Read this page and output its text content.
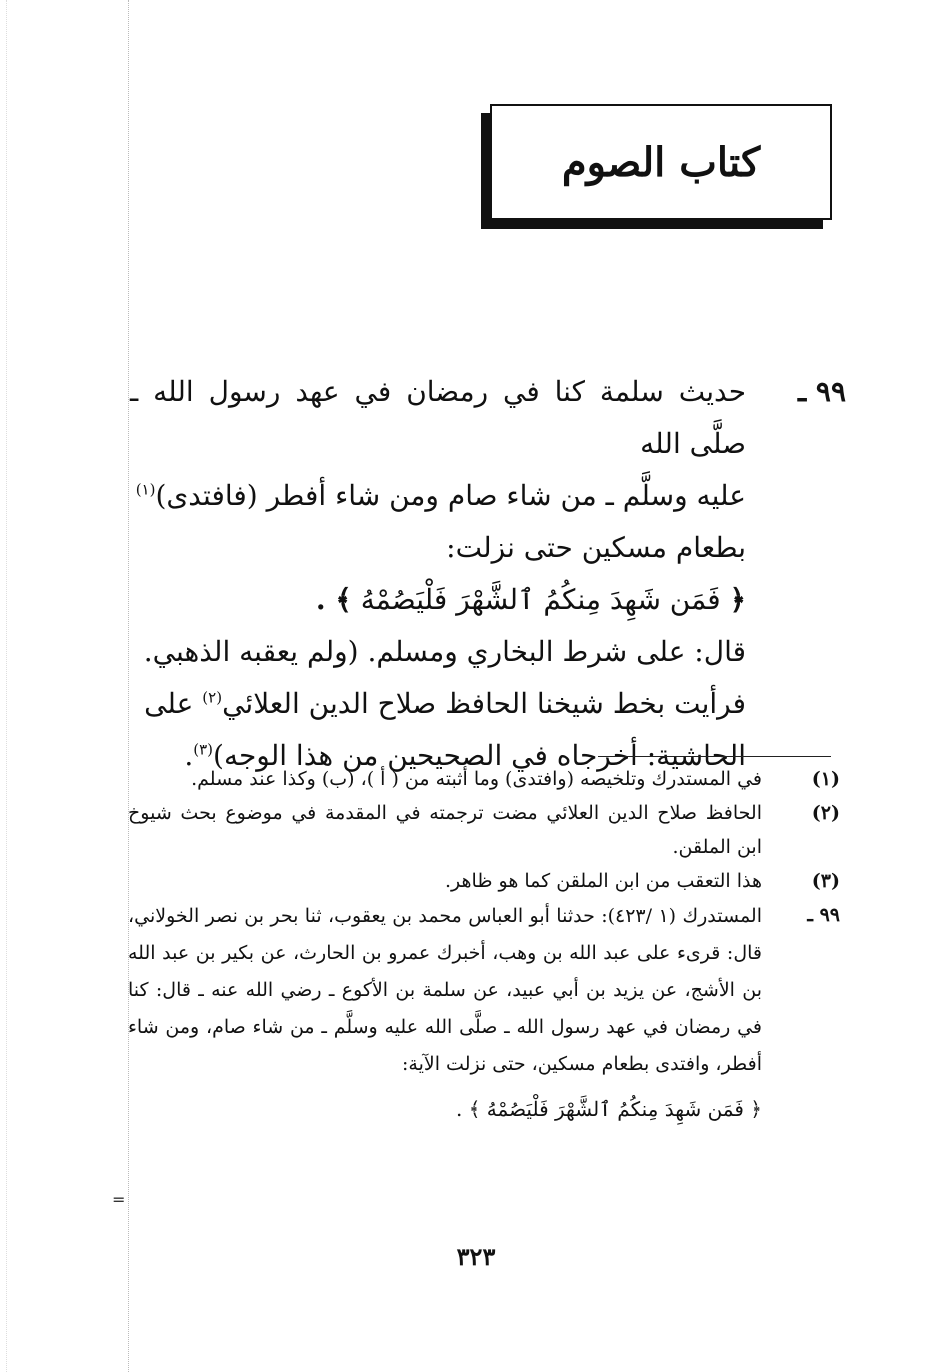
=
كتاب الصوم
٩٩ ـ

حديث سلمة كنا في رمضان في عهد رسول الله ـ صلَّى الله

عليه وسلَّم ـ من شاء صام ومن شاء أفطر (فافتدى)$^{(١)}$

بطعام مسكين حتى نزلت:

﴿ فَمَن شَهِدَ مِنكُمُ ٱلشَّهْرَ فَلْيَصُمْهُ ﴾ .

قال: على شرط البخاري ومسلم. (ولم يعقبه الذهبي.

فرأيت بخط شيخنا الحافظ صلاح الدين العلائي$^{(٢)}$ على

الحاشية: أخرجاه في الصحيحين من هذا الوجه)$^{(٣)}$.

(١)
في المستدرك وتلخيصه (وافتدى) وما أثبته من ( أ )، (ب) وكذا عند مسلم.
(٢)
الحافظ صلاح الدين العلائي مضت ترجمته في المقدمة في موضوع بحث شيوخ ابن الملقن.
(٣)
هذا التعقب من ابن الملقن كما هو ظاهر.
٩٩ ـ
المستدرك (١ /٤٢٣): حدثنا أبو العباس محمد بن يعقوب، ثنا بحر بن نصر الخولاني، قال: قرىء على عبد الله بن وهب، أخبرك عمرو بن الحارث، عن بكير بن عبد الله بن الأشج، عن يزيد بن أبي عبيد، عن سلمة بن الأكوع ـ رضي الله عنه ـ قال: كنا في رمضان في عهد رسول الله ـ صلَّى الله عليه وسلَّم ـ من شاء صام، ومن شاء أفطر، وافتدى بطعام مسكين، حتى نزلت الآية:
﴿ فَمَن شَهِدَ مِنكُمُ ٱلشَّهْرَ فَلْيَصُمْهُ ﴾ .
٣٢٣
